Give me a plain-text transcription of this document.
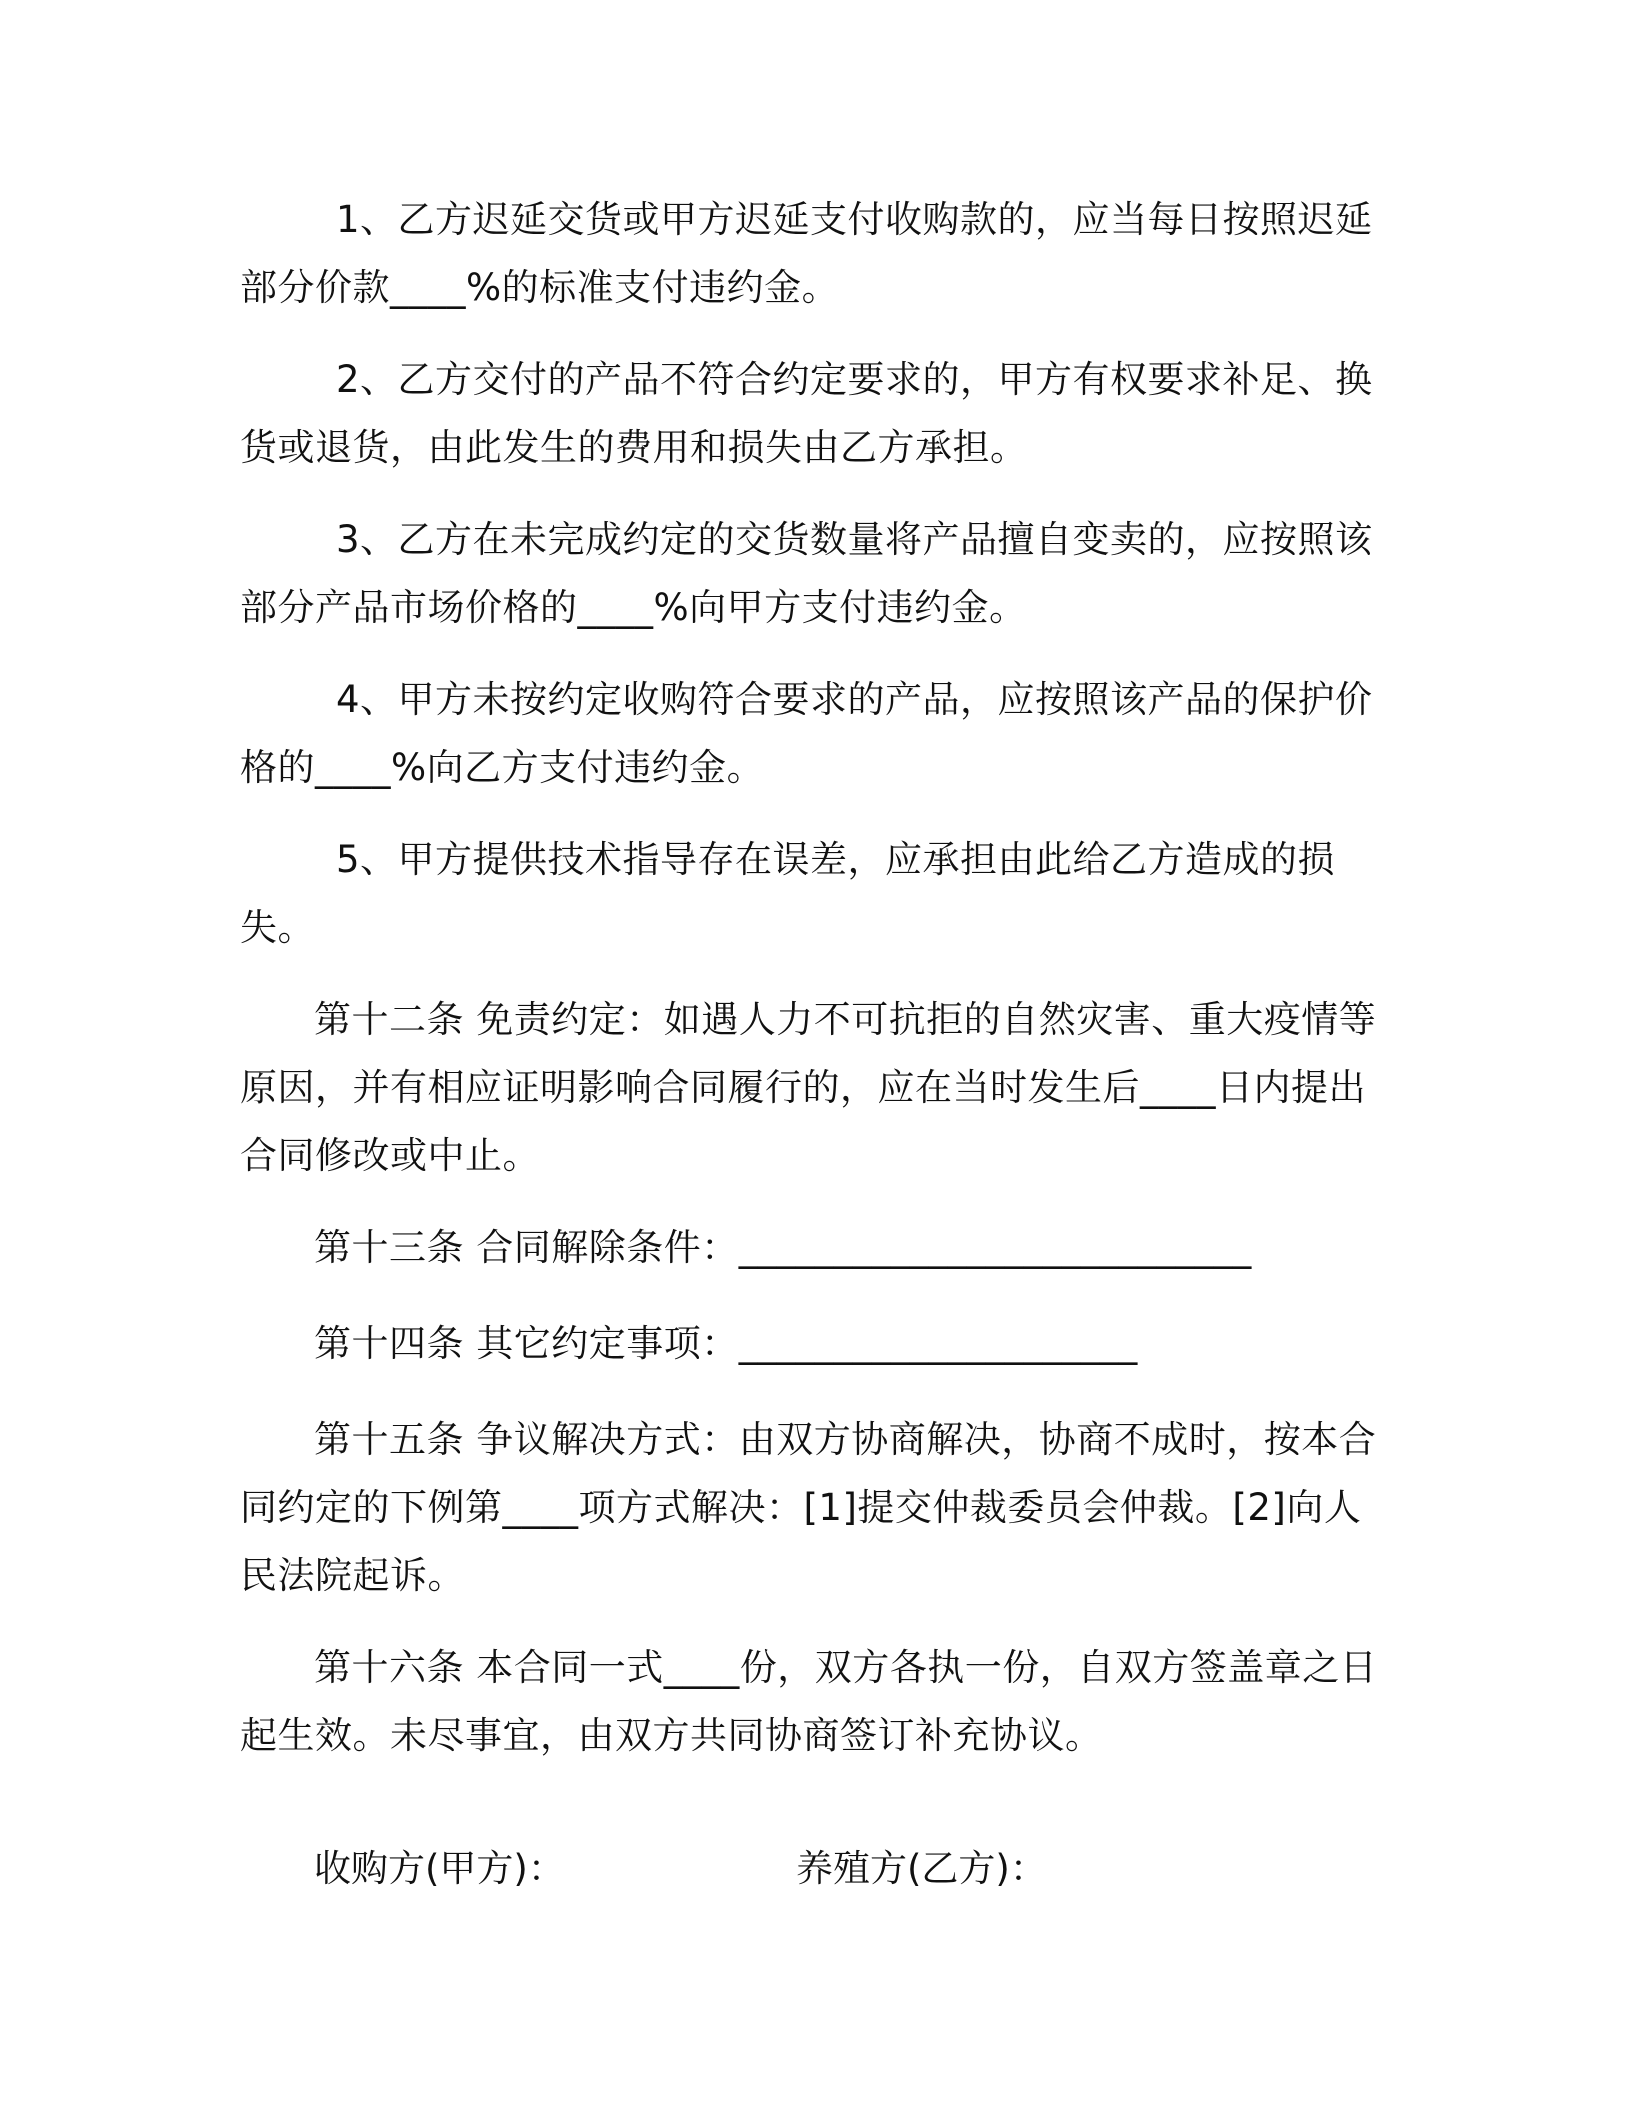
1、乙方迟延交货或甲方迟延支付收购款的，应当每日按照迟延部分价款____%的标准支付违约金。

2、乙方交付的产品不符合约定要求的，甲方有权要求补足、换货或退货，由此发生的费用和损失由乙方承担。

3、乙方在未完成约定的交货数量将产品擅自变卖的，应按照该部分产品市场价格的____%向甲方支付违约金。

4、甲方未按约定收购符合要求的产品，应按照该产品的保护价格的____%向乙方支付违约金。

5、甲方提供技术指导存在误差，应承担由此给乙方造成的损失。

第十二条 免责约定：如遇人力不可抗拒的自然灾害、重大疫情等原因，并有相应证明影响合同履行的，应在当时发生后____日内提出合同修改或中止。

第十三条 合同解除条件：___________________________

第十四条 其它约定事项：_____________________

第十五条 争议解决方式：由双方协商解决，协商不成时，按本合同约定的下例第____项方式解决：[1]提交仲裁委员会仲裁。[2]向人民法院起诉。

第十六条 本合同一式____份，双方各执一份，自双方签盖章之日起生效。未尽事宜，由双方共同协商签订补充协议。

收购方(甲方)：	养殖方(乙方)：
